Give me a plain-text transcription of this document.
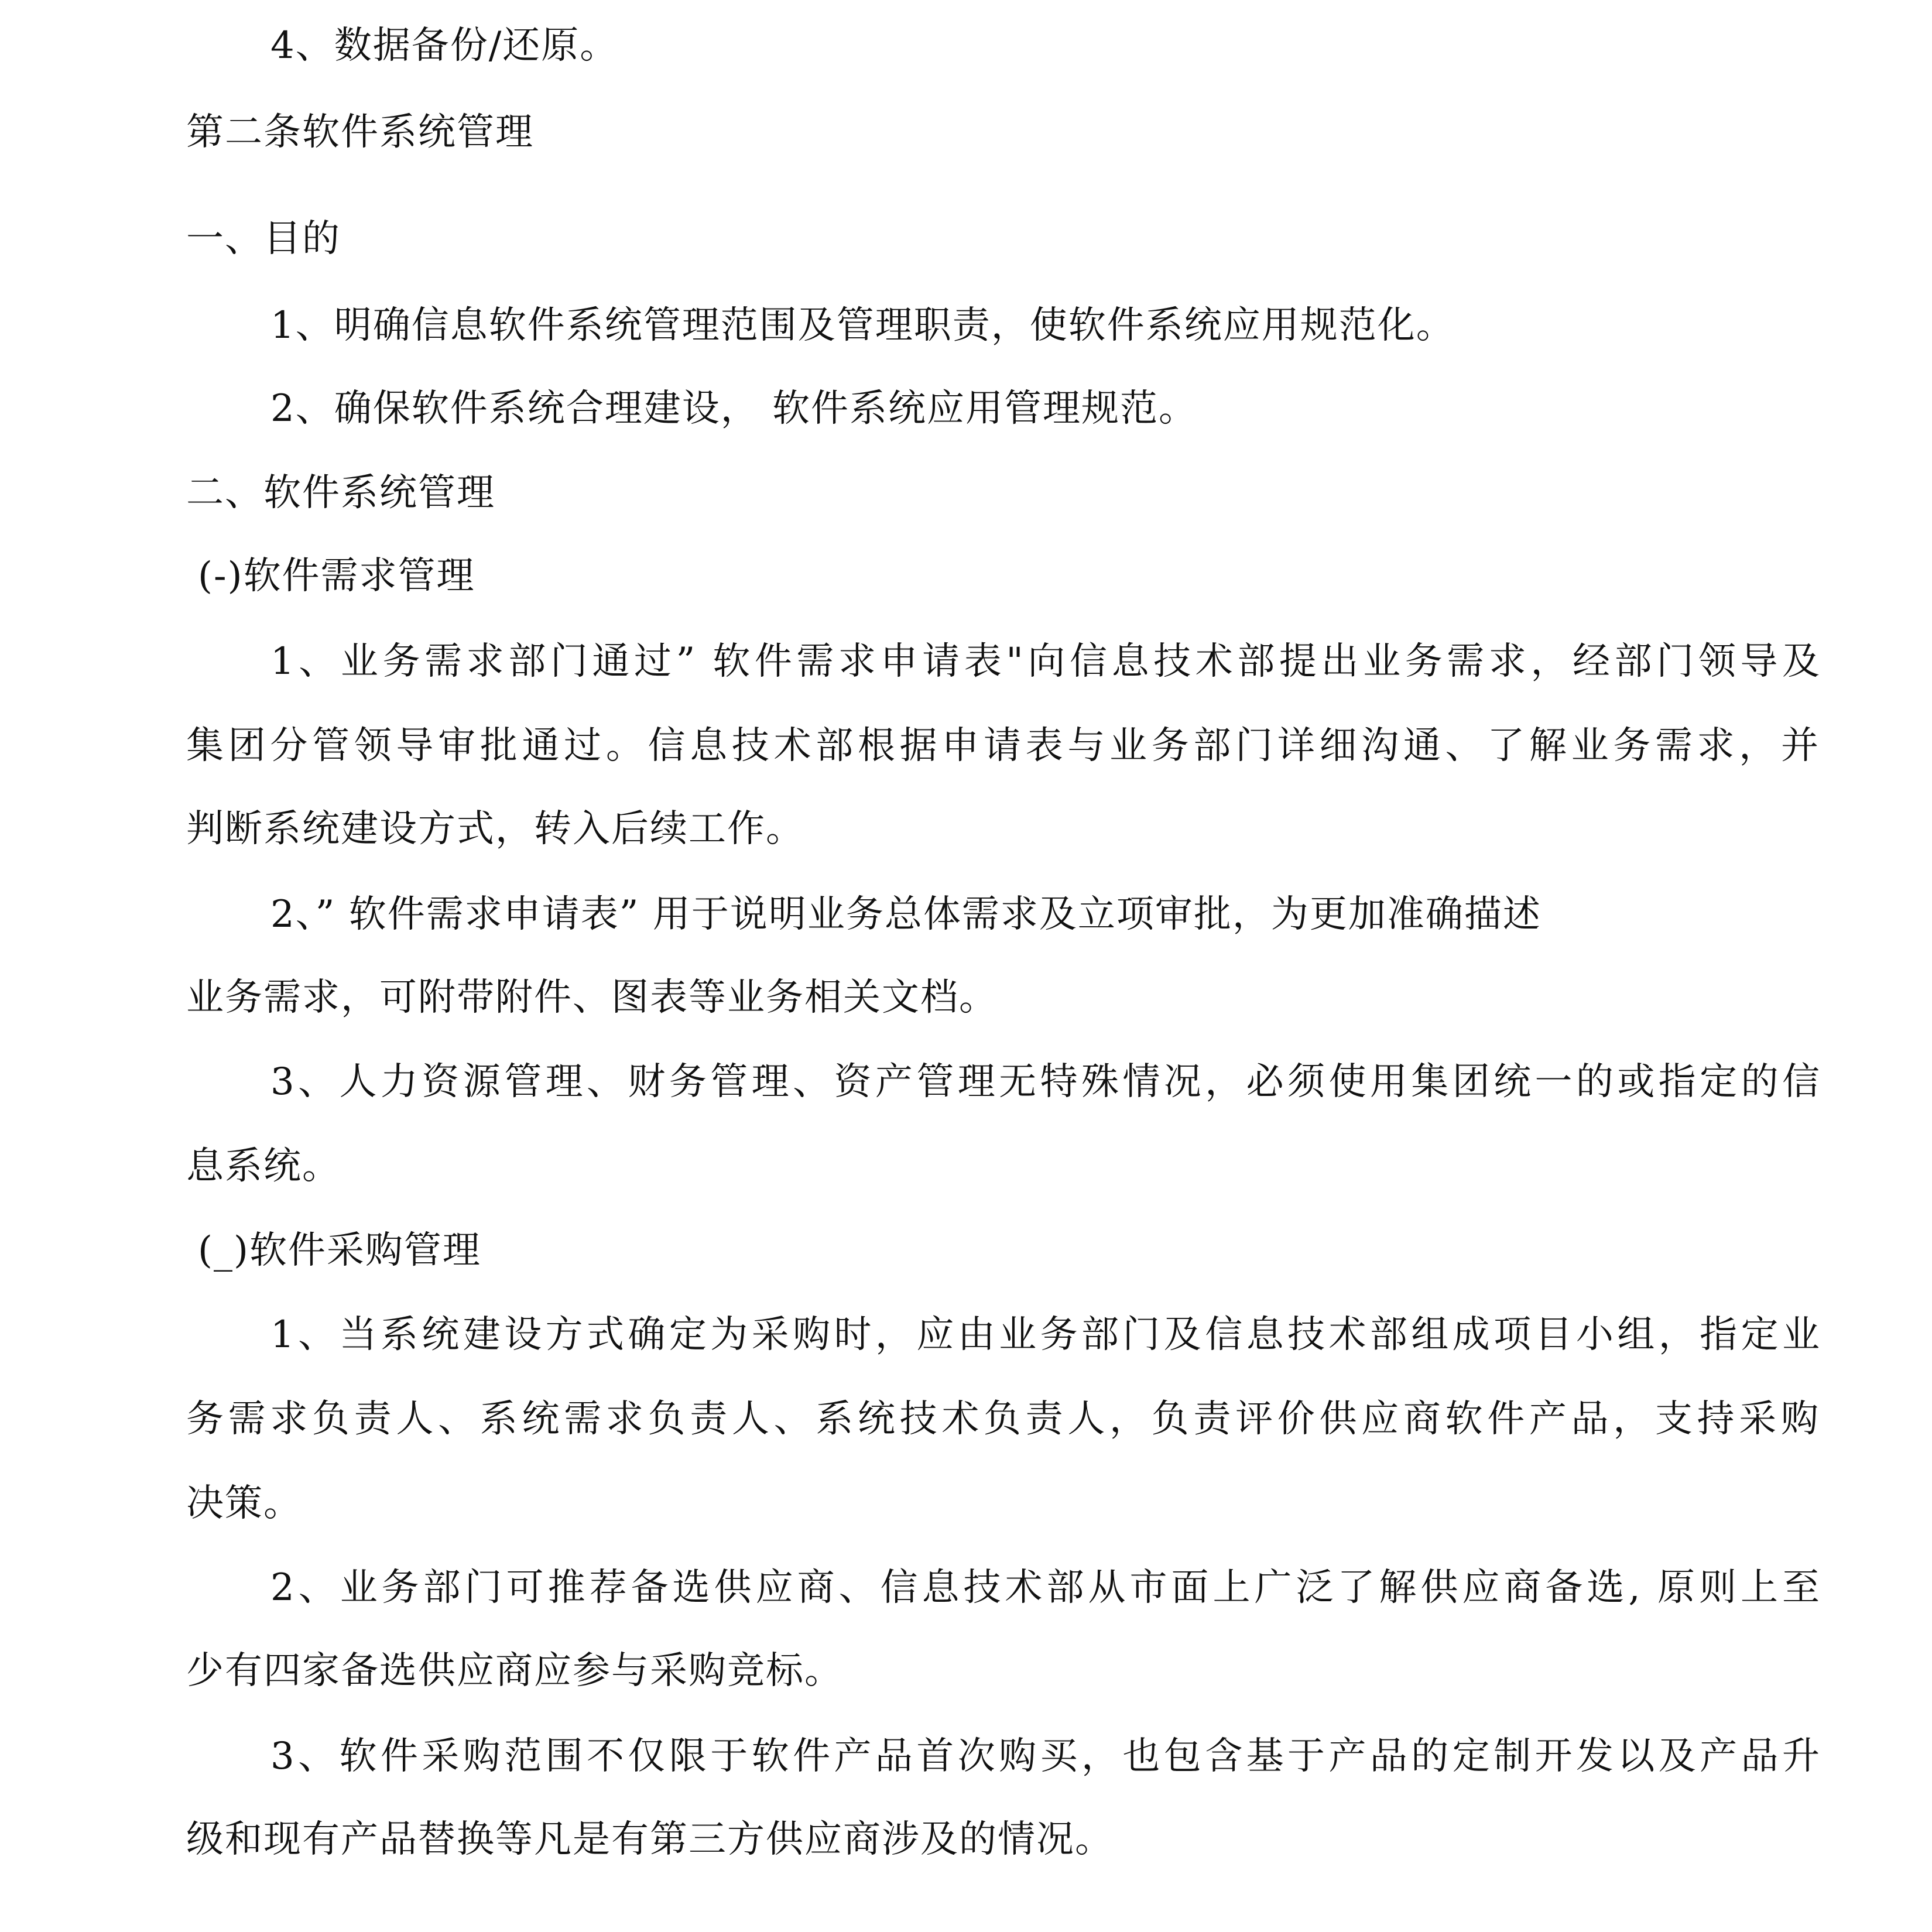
4、数据备份/还原。

第二条软件系统管理

一、目的

1、明确信息软件系统管理范围及管理职责，使软件系统应用规范化。

2、确保软件系统合理建设， 软件系统应用管理规范。

二、软件系统管理

(-)软件需求管理

1、业务需求部门通过” 软件需求申请表"向信息技术部提出业务需求，经部门领导及

集团分管领导审批通过。信息技术部根据申请表与业务部门详细沟通、了解业务需求，并

判断系统建设方式，转入后续工作。

2、” 软件需求申请表” 用于说明业务总体需求及立项审批，为更加准确描述

业务需求，可附带附件、图表等业务相关文档。

3、人力资源管理、财务管理、资产管理无特殊情况，必须使用集团统一的或指定的信

息系统。

(_)软件采购管理

1、当系统建设方式确定为采购时，应由业务部门及信息技术部组成项目小组，指定业

务需求负责人、系统需求负责人、系统技术负责人，负责评价供应商软件产品，支持采购

决策。

2、业务部门可推荐备选供应商、信息技术部从市面上广泛了解供应商备选, 原则上至

少有四家备选供应商应参与采购竞标。

3、软件采购范围不仅限于软件产品首次购买，也包含基于产品的定制开发以及产品升

级和现有产品替换等凡是有第三方供应商涉及的情况。
